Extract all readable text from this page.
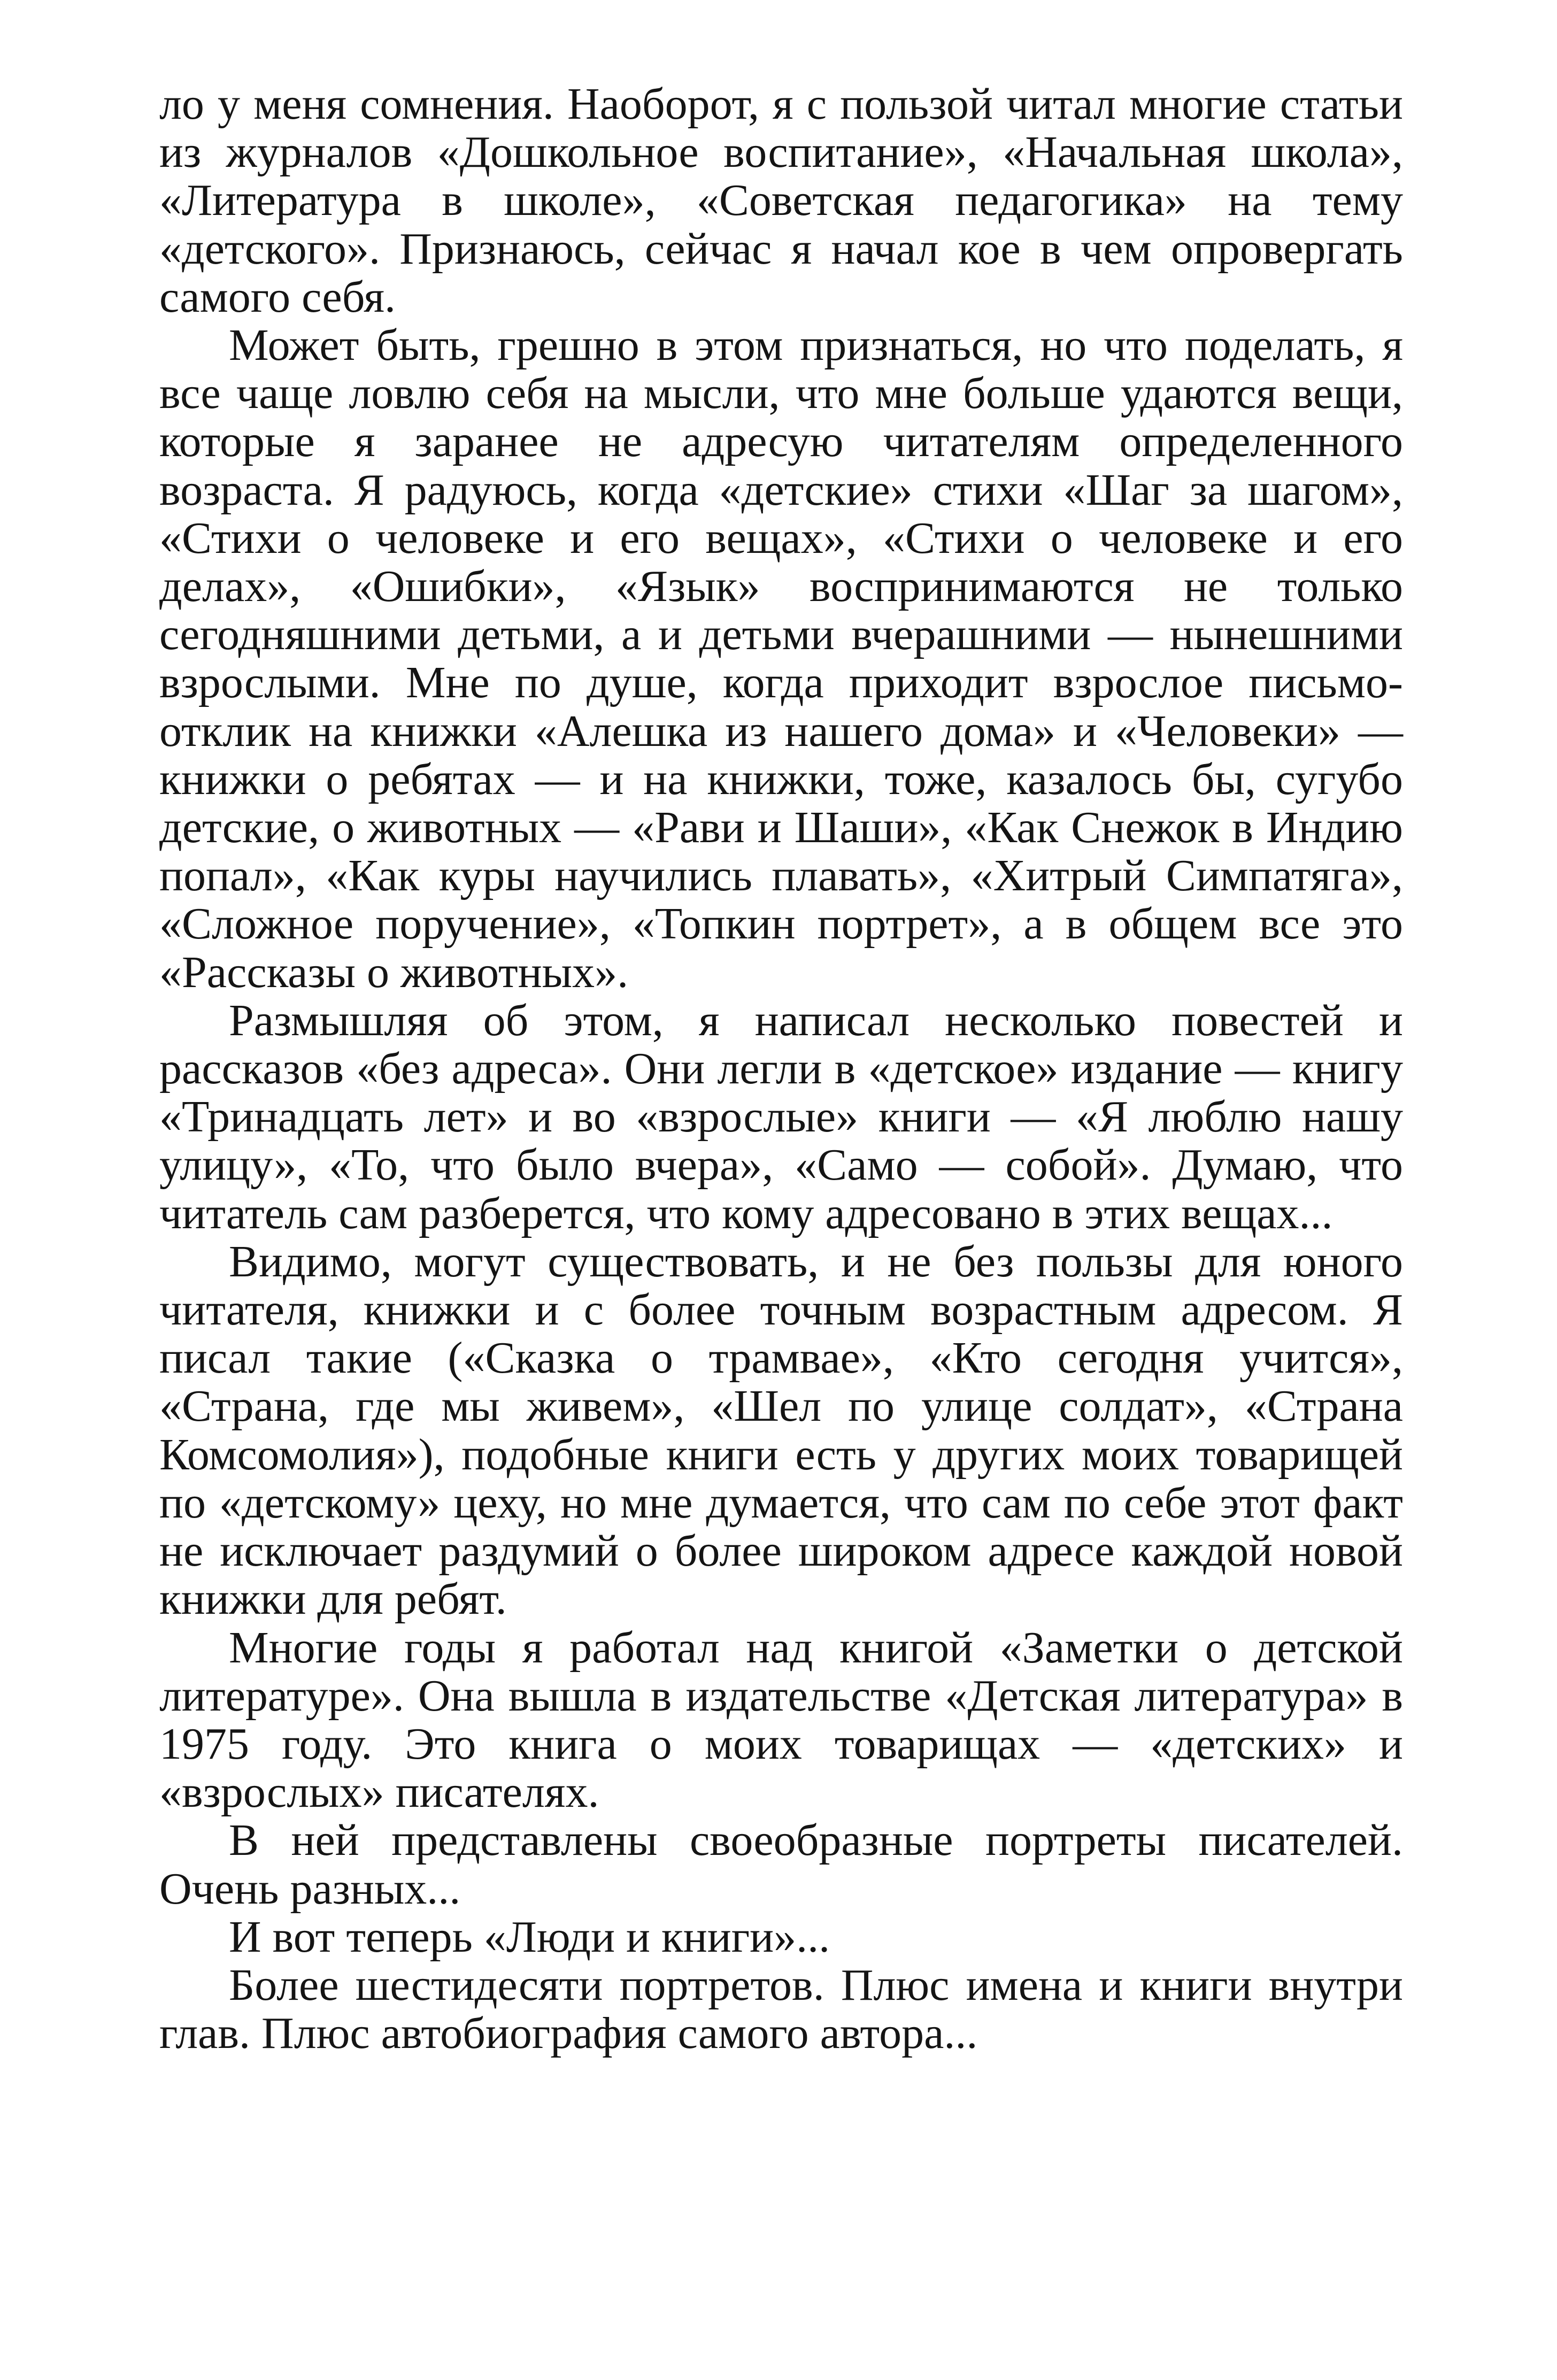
ло у меня сомнения. Наоборот, я с пользой читал многие статьи из журналов «Дошкольное воспитание», «Начальная школа», «Литература в школе», «Советская педагогика» на тему «детского». Признаюсь, сейчас я начал кое в чем опровергать самого себя.

Может быть, грешно в этом признаться, но что поделать, я все чаще ловлю себя на мысли, что мне больше удаются вещи, которые я заранее не адресую читателям определенного возраста. Я радуюсь, когда «детские» стихи «Шаг за шагом», «Стихи о человеке и его вещах», «Стихи о человеке и его делах», «Ошибки», «Язык» воспринимаются не только сегодняшними детьми, а и детьми вчерашними — нынешними взрослыми. Мне по душе, когда приходит взрослое письмо-отклик на книжки «Алешка из нашего дома» и «Человеки» — книжки о ребятах — и на книжки, тоже, казалось бы, сугубо детские, о животных — «Рави и Шаши», «Как Снежок в Индию попал», «Как куры научились плавать», «Хитрый Симпатяга», «Сложное поручение», «Топкин портрет», а в общем все это «Рассказы о животных».

Размышляя об этом, я написал несколько повестей и рассказов «без адреса». Они легли в «детское» издание — книгу «Тринадцать лет» и во «взрослые» книги — «Я люблю нашу улицу», «То, что было вчера», «Само — собой». Думаю, что читатель сам разберется, что кому адресовано в этих вещах...

Видимо, могут существовать, и не без пользы для юного читателя, книжки и с более точным возрастным адресом. Я писал такие («Сказка о трамвае», «Кто сегодня учится», «Страна, где мы живем», «Шел по улице солдат», «Страна Комсомолия»), подобные книги есть у других моих товарищей по «детскому» цеху, но мне думается, что сам по себе этот факт не исключает раздумий о более широком адресе каждой новой книжки для ребят.

Многие годы я работал над книгой «Заметки о детской литературе». Она вышла в издательстве «Детская литература» в 1975 году. Это книга о моих товарищах — «детских» и «взрослых» писателях.

В ней представлены своеобразные портреты писателей. Очень разных...

И вот теперь «Люди и книги»...

Более шестидесяти портретов. Плюс имена и книги внутри глав. Плюс автобиография самого автора...
